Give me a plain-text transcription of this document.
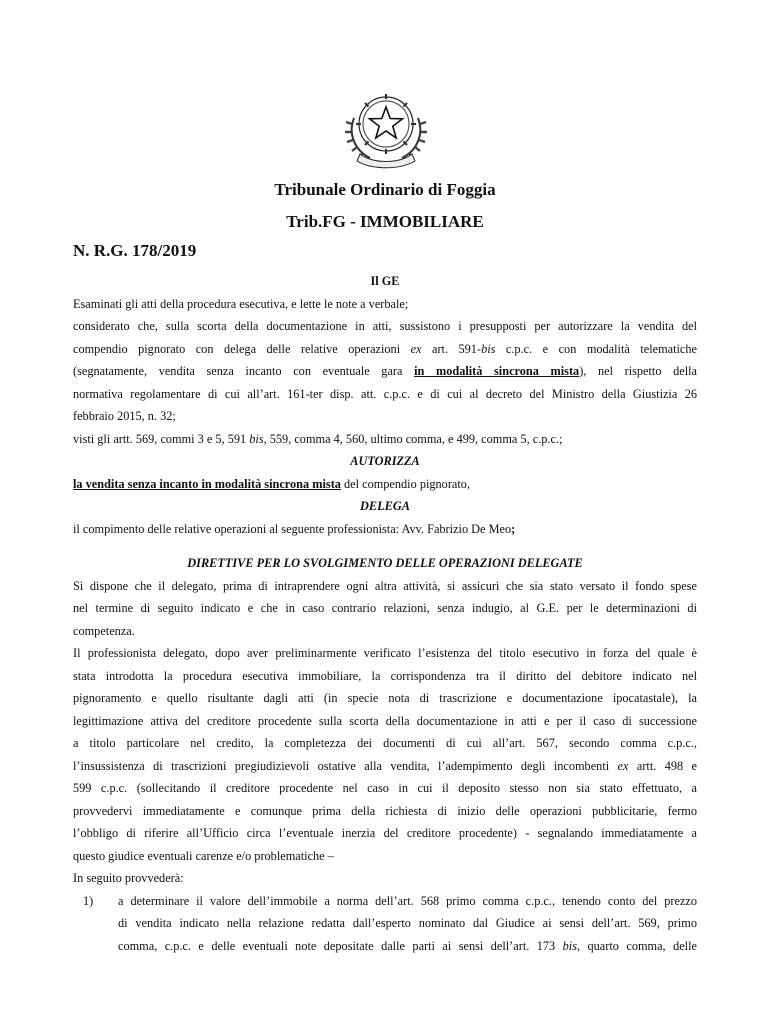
Tribunale Ordinario di Foggia
Trib.FG - IMMOBILIARE
N. R.G. 178/2019
Il GE
Esaminati gli atti della procedura esecutiva, e lette le note a verbale;
considerato che, sulla scorta della documentazione in atti, sussistono i presupposti per autorizzare la vendita del
compendio pignorato con delega delle relative operazioni ex art. 591-bis c.p.c. e con modalità telematiche
(segnatamente, vendita senza incanto con eventuale gara in modalità sincrona mista), nel rispetto della
normativa regolamentare di cui all’art. 161-ter disp. att. c.p.c. e di cui al decreto del Ministro della Giustizia 26
febbraio 2015, n. 32;
visti gli artt. 569, commi 3 e 5, 591 bis, 559, comma 4, 560, ultimo comma, e 499, comma 5, c.p.c.;
AUTORIZZA
la vendita senza incanto in modalità sincrona mista del compendio pignorato,
DELEGA
il compimento delle relative operazioni al seguente professionista: Avv. Fabrizio De Meo;
DIRETTIVE PER LO SVOLGIMENTO DELLE OPERAZIONI DELEGATE
Si dispone che il delegato, prima di intraprendere ogni altra attività, si assicuri che sia stato versato il fondo spese
nel termine di seguito indicato e che in caso contrario relazioni, senza indugio, al G.E. per le determinazioni di
competenza.
Il professionista delegato, dopo aver preliminarmente verificato l’esistenza del titolo esecutivo in forza del quale è
stata introdotta la procedura esecutiva immobiliare, la corrispondenza tra il diritto del debitore indicato nel
pignoramento e quello risultante dagli atti (in specie nota di trascrizione e documentazione ipocatastale), la
legittimazione attiva del creditore procedente sulla scorta della documentazione in atti e per il caso di successione
a titolo particolare nel credito, la completezza dei documenti di cui all’art. 567, secondo comma c.p.c.,
l’insussistenza di trascrizioni pregiudizievoli ostative alla vendita, l’adempimento degli incombenti ex artt. 498 e
599 c.p.c. (sollecitando il creditore procedente nel caso in cui il deposito stesso non sia stato effettuato, a
provvedervi immediatamente e comunque prima della richiesta di inizio delle operazioni pubblicitarie, fermo
l’obbligo di riferire all’Ufficio circa l’eventuale inerzia del creditore procedente) - segnalando immediatamente a
questo giudice eventuali carenze e/o problematiche –
In seguito provvederà:
1)	a determinare il valore dell’immobile a norma dell’art. 568 primo comma c.p.c., tenendo conto del prezzo
di vendita indicato nella relazione redatta dall’esperto nominato dal Giudice ai sensi dell’art. 569, primo
comma, c.p.c. e delle eventuali note depositate dalle parti ai sensi dell’art. 173 bis, quarto comma, delle
